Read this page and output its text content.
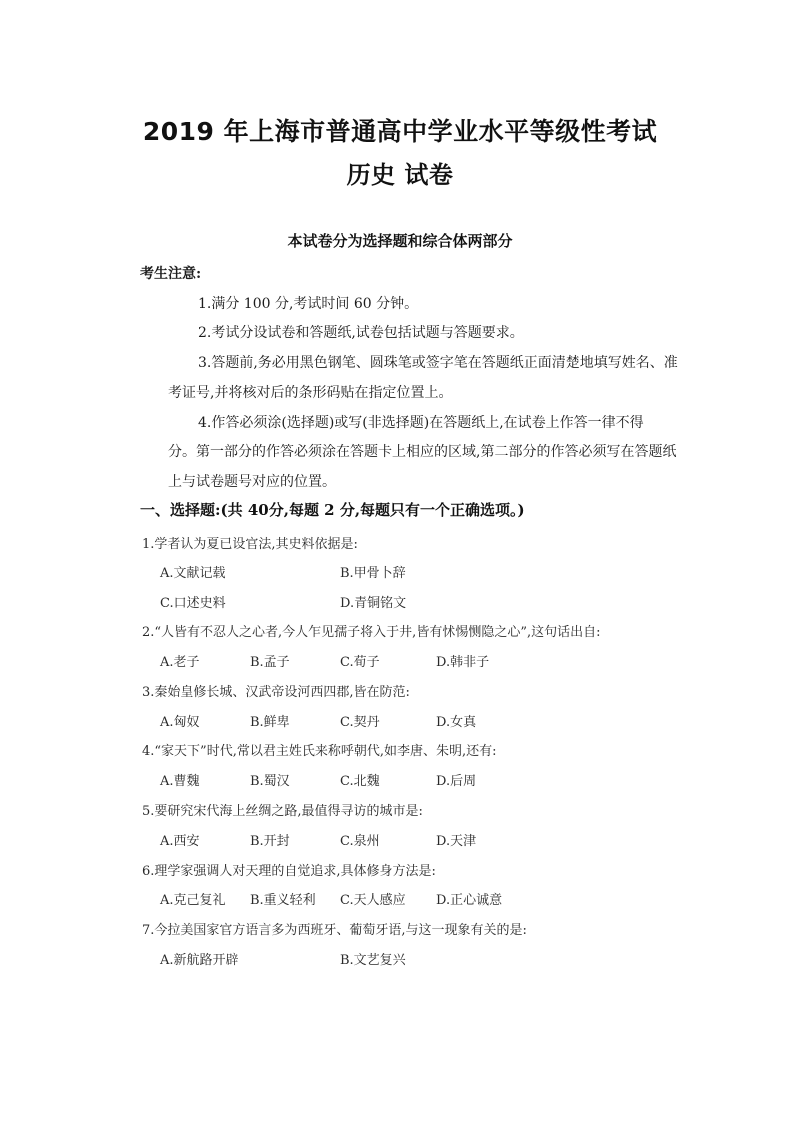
2019 年上海市普通高中学业水平等级性考试
历史 试卷
本试卷分为选择题和综合体两部分
考生注意:
1.满分 100 分,考试时间 60 分钟。
2.考试分设试卷和答题纸,试卷包括试题与答题要求。
3.答题前,务必用黑色钢笔、圆珠笔或签字笔在答题纸正面清楚地填写姓名、准
考证号,并将核对后的条形码贴在指定位置上。
4.作答必须涂(选择题)或写(非选择题)在答题纸上,在试卷上作答一律不得
分。第一部分的作答必须涂在答题卡上相应的区域,第二部分的作答必须写在答题纸
上与试卷题号对应的位置。
一、选择题:(共 40分,每题 2 分,每题只有一个正确选项。)
1.学者认为夏已设官法,其史料依据是:
A.文献记载	B.甲骨卜辞
C.口述史料	D.青铜铭文
2.“人皆有不忍人之心者,今人乍见孺子将入于井,皆有怵惕恻隐之心”,这句话出自:
A.老子	B.孟子	C.荀子	D.韩非子
3.秦始皇修长城、汉武帝设河西四郡,皆在防范:
A.匈奴	B.鲜卑	C.契丹	D.女真
4.“家天下”时代,常以君主姓氏来称呼朝代,如李唐、朱明,还有:
A.曹魏	B.蜀汉	C.北魏	D.后周
5.要研究宋代海上丝绸之路,最值得寻访的城市是:
A.西安	B.开封	C.泉州	D.天津
6.理学家强调人对天理的自觉追求,具体修身方法是:
A.克己复礼 B.重义轻利 C.天人感应 D.正心诚意
7.今拉美国家官方语言多为西班牙、葡萄牙语,与这一现象有关的是:
A.新航路开辟	B.文艺复兴
